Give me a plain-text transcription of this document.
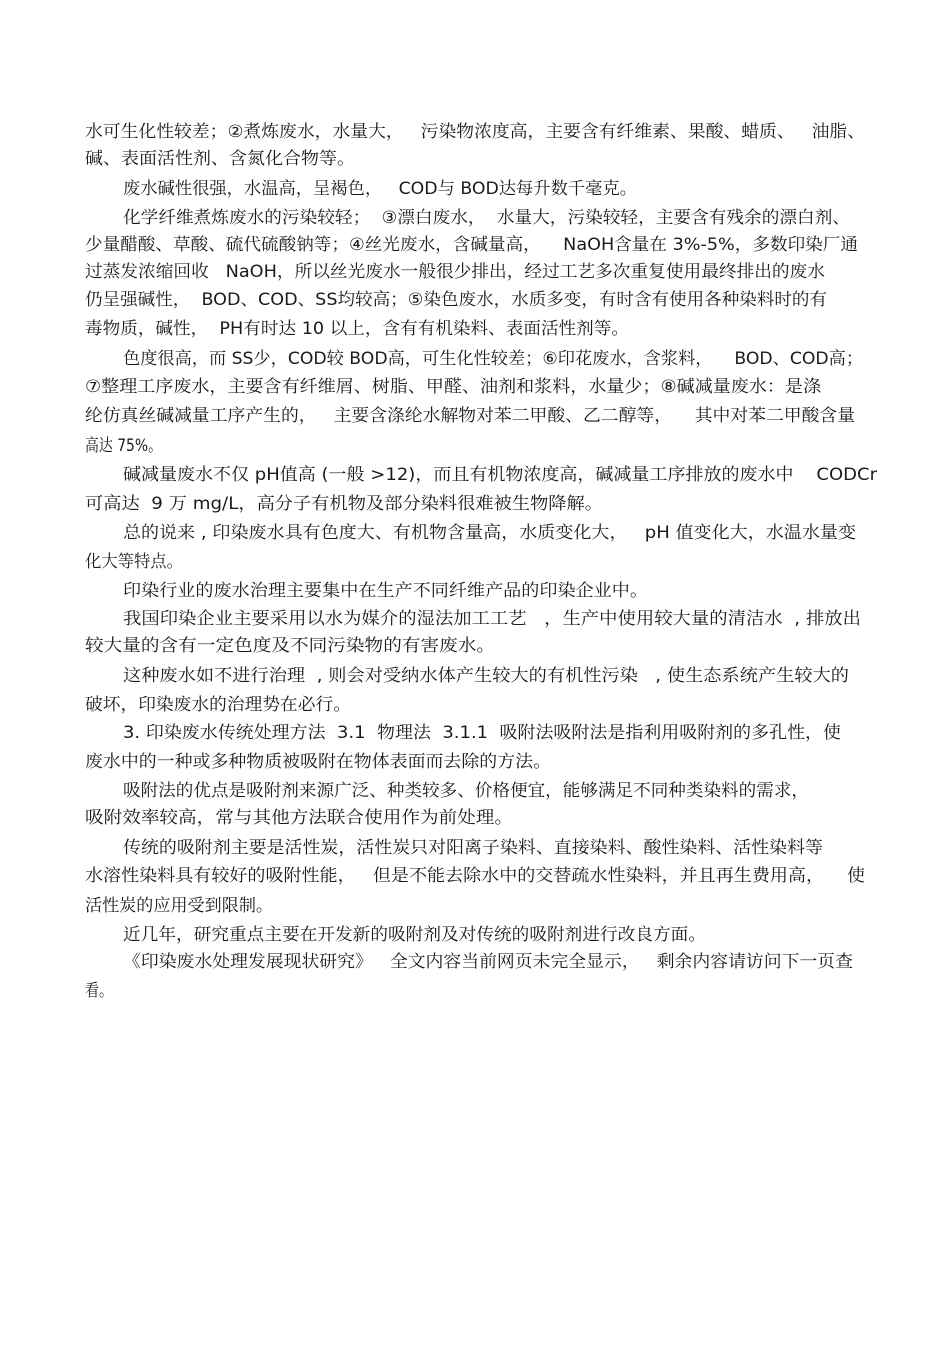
水可生化性较差；②煮炼废水，水量大，   污染物浓度高，主要含有纤维素、果酸、蜡质、   油脂、
碱、表面活性剂、含氮化合物等。
废水碱性很强，水温高，呈褐色，   COD与 BOD达每升数千毫克。
化学纤维煮炼废水的污染较轻；  ③漂白废水，  水量大，污染较轻，主要含有残余的漂白剂、
少量醋酸、草酸、硫代硫酸钠等；④丝光废水，含碱量高，    NaOH含量在 3%-5%，多数印染厂通
过蒸发浓缩回收   NaOH，所以丝光废水一般很少排出，经过工艺多次重复使用最终排出的废水
仍呈强碱性，  BOD、COD、SS均较高；⑤染色废水，水质多变，有时含有使用各种染料时的有
毒物质，碱性，  PH有时达 10 以上，含有有机染料、表面活性剂等。
色度很高，而 SS少，COD较 BOD高，可生化性较差；⑥印花废水，含浆料，    BOD、COD高；
⑦整理工序废水，主要含有纤维屑、树脂、甲醛、油剂和浆料，水量少；⑧碱减量废水：是涤
纶仿真丝碱减量工序产生的，   主要含涤纶水解物对苯二甲酸、乙二醇等，    其中对苯二甲酸含量
高达 75%。
碱减量废水不仅 pH值高 (一般 >12)，而且有机物浓度高，碱减量工序排放的废水中    CODCr
可高达  9 万 mg/L，高分子有机物及部分染料很难被生物降解。
总的说来 , 印染废水具有色度大、有机物含量高，水质变化大，   pH 值变化大，水温水量变
化大等特点。
印染行业的废水治理主要集中在生产不同纤维产品的印染企业中。
我国印染企业主要采用以水为媒介的湿法加工工艺   ，生产中使用较大量的清洁水  , 排放出
较大量的含有一定色度及不同污染物的有害废水。
这种废水如不进行治理  , 则会对受纳水体产生较大的有机性污染   , 使生态系统产生较大的
破坏，印染废水的治理势在必行。
3. 印染废水传统处理方法  3.1  物理法  3.1.1  吸附法吸附法是指利用吸附剂的多孔性，使
废水中的一种或多种物质被吸附在物体表面而去除的方法。
吸附法的优点是吸附剂来源广泛、种类较多、价格便宜，能够满足不同种类染料的需求，
吸附效率较高，常与其他方法联合使用作为前处理。
传统的吸附剂主要是活性炭，活性炭只对阳离子染料、直接染料、酸性染料、活性染料等
水溶性染料具有较好的吸附性能，   但是不能去除水中的交替疏水性染料，并且再生费用高，    使
活性炭的应用受到限制。
近几年，研究重点主要在开发新的吸附剂及对传统的吸附剂进行改良方面。
《印染废水处理发展现状研究》   全文内容当前网页未完全显示，   剩余内容请访问下一页查
看。
